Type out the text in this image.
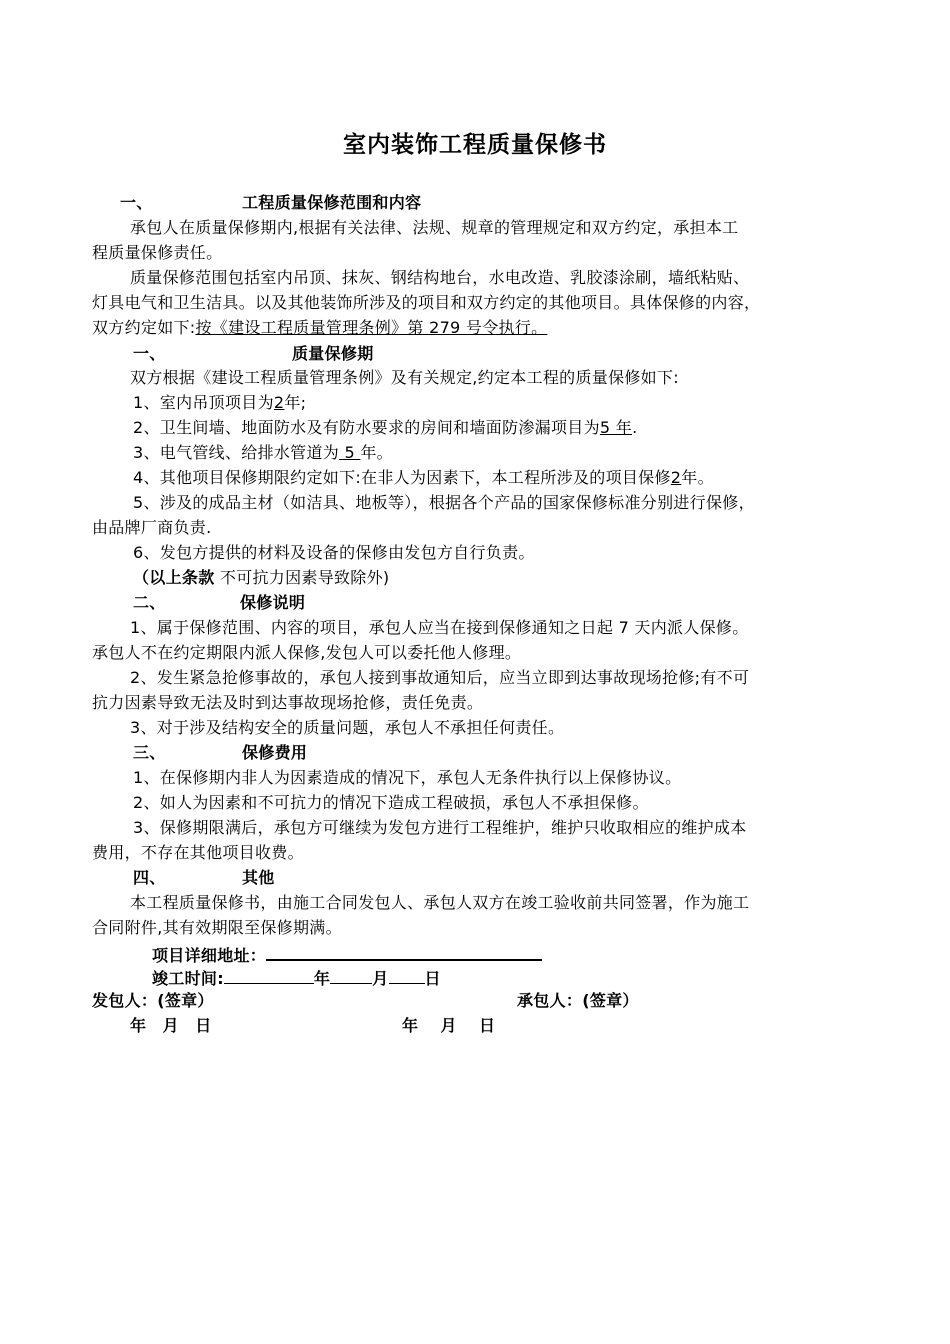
室内装饰工程质量保修书
一、	工程质量保修范围和内容
承包人在质量保修期内,根据有关法律、法规、规章的管理规定和双方约定，承担本工
程质量保修责任。
质量保修范围包括室内吊顶、抹灰、钢结构地台，水电改造、乳胶漆涂刷，墙纸粘贴、
灯具电气和卫生洁具。以及其他装饰所涉及的项目和双方约定的其他项目。具体保修的内容，
双方约定如下:按《建设工程质量管理条例》第 279 号令执行。
一、	质量保修期
双方根据《建设工程质量管理条例》及有关规定,约定本工程的质量保修如下:
1、室内吊顶项目为2年;
2、卫生间墙、地面防水及有防水要求的房间和墙面防渗漏项目为5 年.
3、电气管线、给排水管道为 5 年。
4、其他项目保修期限约定如下:在非人为因素下，本工程所涉及的项目保修2年。
5、涉及的成品主材（如洁具、地板等），根据各个产品的国家保修标准分别进行保修，
由品牌厂商负责.
6、发包方提供的材料及设备的保修由发包方自行负责。
（以上条款 不可抗力因素导致除外)
二、	保修说明
1、属于保修范围、内容的项目，承包人应当在接到保修通知之日起 7 天内派人保修。
承包人不在约定期限内派人保修,发包人可以委托他人修理。
2、发生紧急抢修事故的，承包人接到事故通知后，应当立即到达事故现场抢修;有不可
抗力因素导致无法及时到达事故现场抢修，责任免责。
3、对于涉及结构安全的质量问题，承包人不承担任何责任。
三、	保修费用
1、在保修期内非人为因素造成的情况下，承包人无条件执行以上保修协议。
2、如人为因素和不可抗力的情况下造成工程破损，承包人不承担保修。
3、保修期限满后，承包方可继续为发包方进行工程维护，维护只收取相应的维护成本
费用，不存在其他项目收费。
四、	其他
本工程质量保修书，由施工合同发包人、承包人双方在竣工验收前共同签署，作为施工
合同附件,其有效期限至保修期满。
项目详细地址：
竣工时间:	年	月 日
发包人：(签章）	承包人：(签章）
年　月　日	年　 月　 日
